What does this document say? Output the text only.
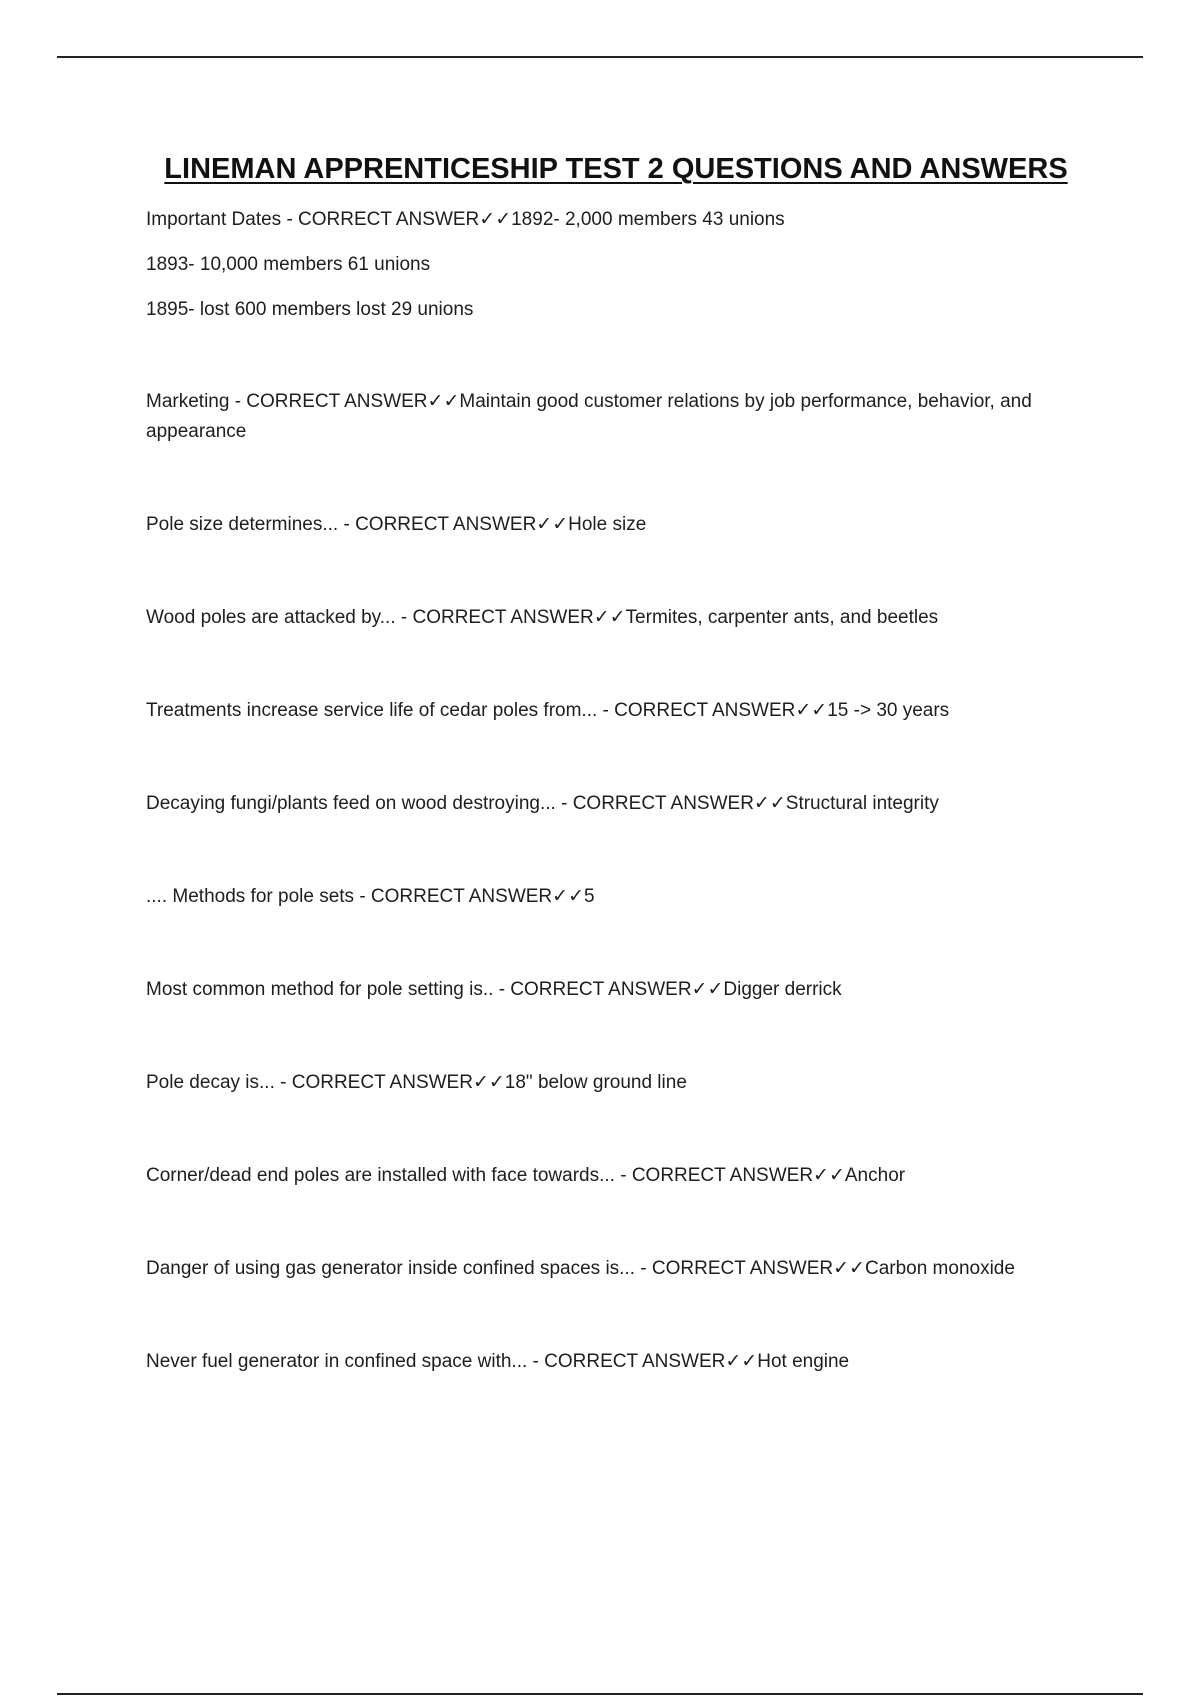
LINEMAN APPRENTICESHIP TEST 2 QUESTIONS AND ANSWERS
Important Dates - CORRECT ANSWER✓✓1892- 2,000 members 43 unions
1893- 10,000 members 61 unions
1895- lost 600 members lost 29 unions
Marketing - CORRECT ANSWER✓✓Maintain good customer relations by job performance, behavior, and appearance
Pole size determines... - CORRECT ANSWER✓✓Hole size
Wood poles are attacked by... - CORRECT ANSWER✓✓Termites, carpenter ants, and beetles
Treatments increase service life of cedar poles from... - CORRECT ANSWER✓✓15 -> 30 years
Decaying fungi/plants feed on wood destroying... - CORRECT ANSWER✓✓Structural integrity
.... Methods for pole sets - CORRECT ANSWER✓✓5
Most common method for pole setting is.. - CORRECT ANSWER✓✓Digger derrick
Pole decay is... - CORRECT ANSWER✓✓18" below ground line
Corner/dead end poles are installed with face towards... - CORRECT ANSWER✓✓Anchor
Danger of using gas generator inside confined spaces is... - CORRECT ANSWER✓✓Carbon monoxide
Never fuel generator in confined space with... - CORRECT ANSWER✓✓Hot engine
